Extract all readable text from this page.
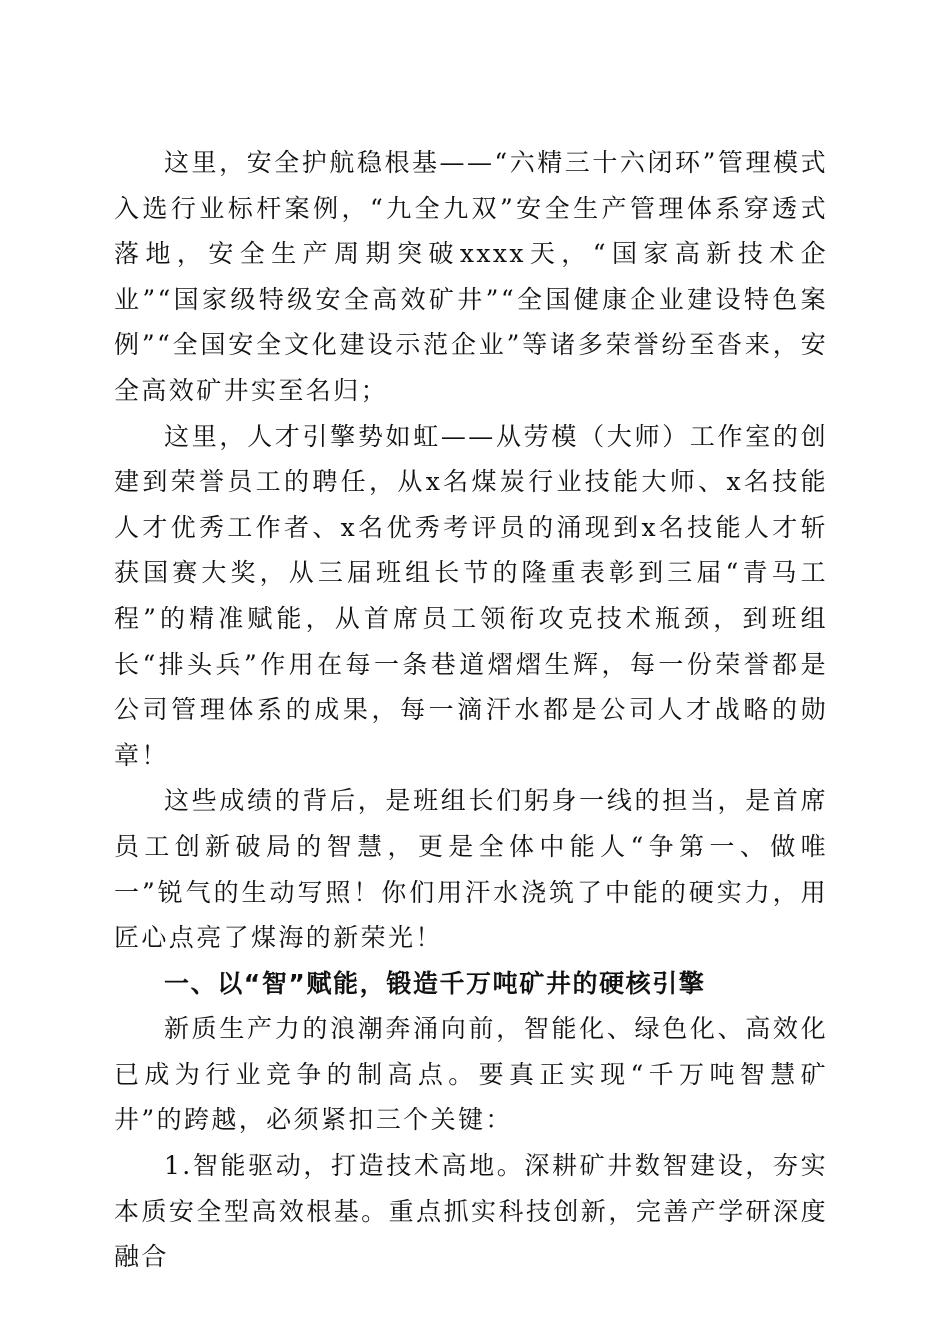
这里，安全护航稳根基——“六精三十六闭环”管理模式入选行业标杆案例，“九全九双”安全生产管理体系穿透式落地，安全生产周期突破xxxx天，“国家高新技术企业”“国家级特级安全高效矿井”“全国健康企业建设特色案例”“全国安全文化建设示范企业”等诸多荣誉纷至沓来，安全高效矿井实至名归；

这里，人才引擎势如虹——从劳模（大师）工作室的创建到荣誉员工的聘任，从x名煤炭行业技能大师、x名技能人才优秀工作者、x名优秀考评员的涌现到x名技能人才斩获国赛大奖，从三届班组长节的隆重表彰到三届“青马工程”的精准赋能，从首席员工领衔攻克技术瓶颈，到班组长“排头兵”作用在每一条巷道熠熠生辉，每一份荣誉都是公司管理体系的成果，每一滴汗水都是公司人才战略的勋章！

这些成绩的背后，是班组长们躬身一线的担当，是首席员工创新破局的智慧，更是全体中能人“争第一、做唯一”锐气的生动写照！你们用汗水浇筑了中能的硬实力，用匠心点亮了煤海的新荣光！

一、以“智”赋能，锻造千万吨矿井的硬核引擎

新质生产力的浪潮奔涌向前，智能化、绿色化、高效化已成为行业竞争的制高点。要真正实现“千万吨智慧矿井”的跨越，必须紧扣三个关键：

1.智能驱动，打造技术高地。深耕矿井数智建设，夯实本质安全型高效根基。重点抓实科技创新，完善产学研深度融合
